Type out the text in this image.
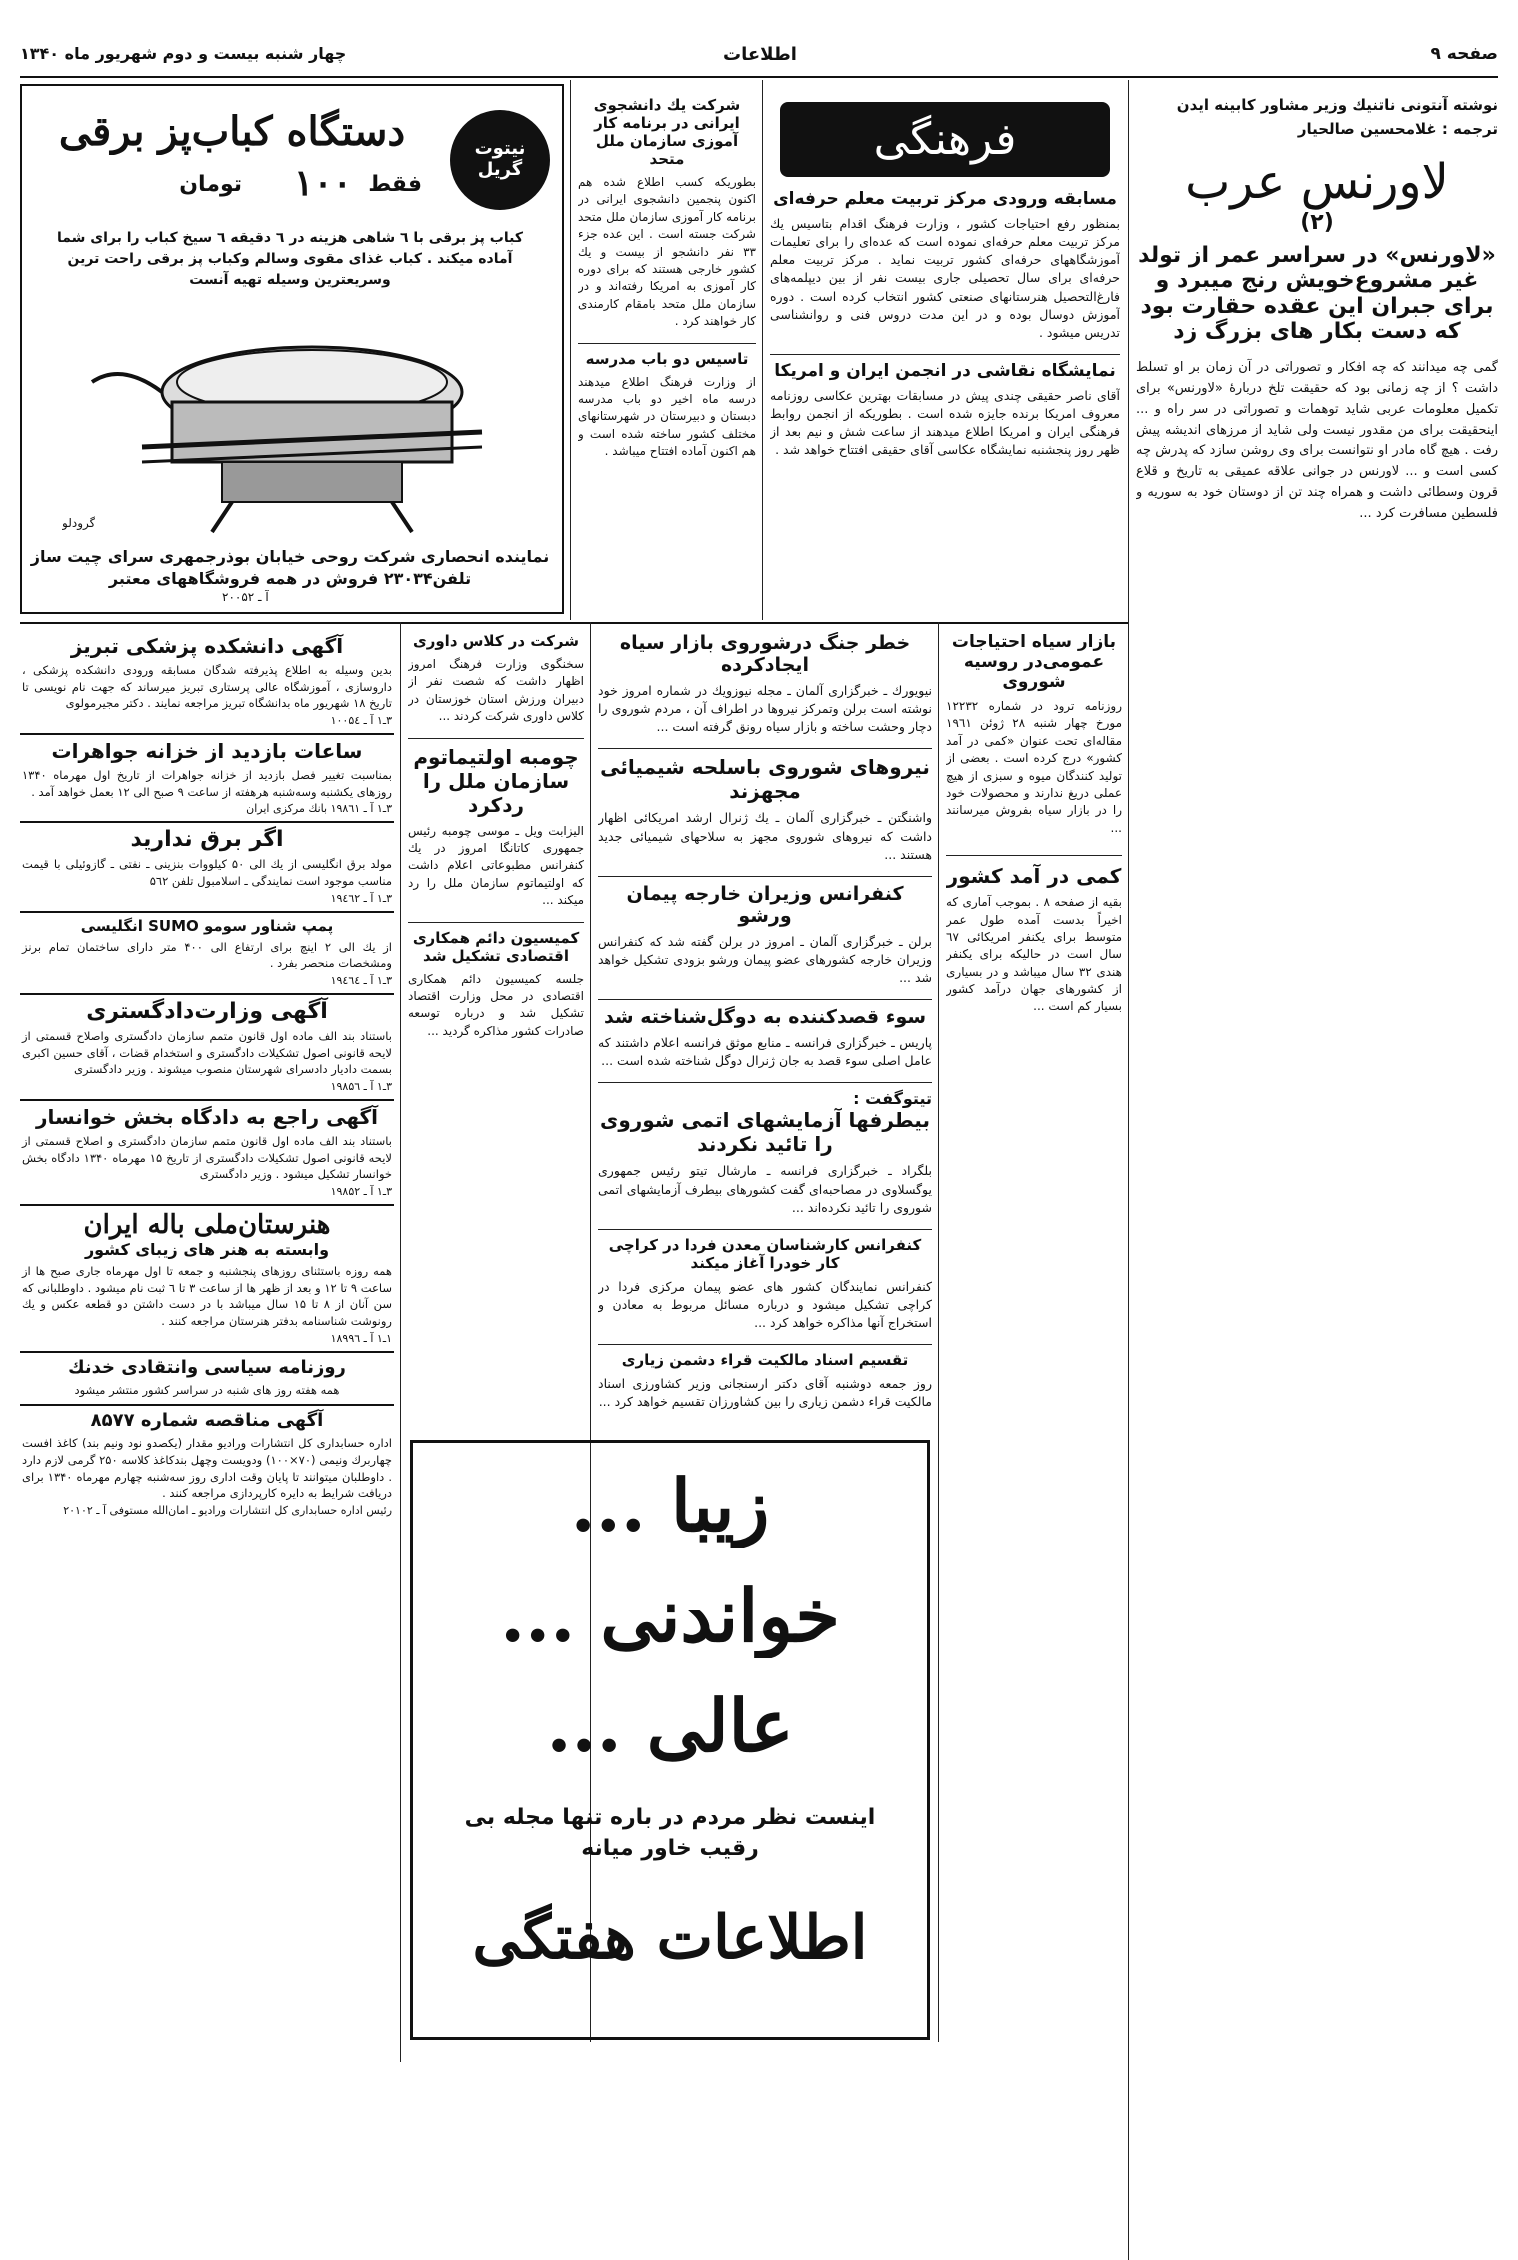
صفحه ۹
اطلاعات
چهار شنبه بیست و دوم شهریور ماه ۱۳۴۰
نوشته آنتونی ناتنیك وزیر مشاور کابینه ایدن
ترجمه : غلامحسین صالحیار
لاورنس عرب
(۲)
«لاورنس» در سراسر عمر از تولد غیر مشروع‌خویش رنج میبرد و برای جبران این عقده حقارت بود که دست بکار های بزرگ زد
گمی چه میدانند که چه افکار و تصوراتی در آن زمان بر او تسلط داشت ؟ از چه زمانی بود که حقیقت تلخ دربارهٔ «لاورنس» برای تکمیل معلومات عربی شاید توهمات و تصوراتی در سر راه و ... اینحقیقت برای من مقدور نیست ولی شاید از مرزهای اندیشه پیش رفت . هیچ گاه مادر او نتوانست برای وی روشن سازد که پدرش چه کسی است و ... لاورنس در جوانی علاقه عمیقی به تاریخ و قلاع قرون وسطائی داشت و همراه چند تن از دوستان خود به سوریه و فلسطین مسافرت کرد ...
فرهنگی
مسابقه ورودی مرکز تربیت معلم حرفه‌ای
بمنظور رفع احتیاجات کشور ، وزارت فرهنگ اقدام بتاسیس یك مرکز تربیت معلم حرفه‌ای نموده است که عده‌ای را برای تعلیمات آموزشگاههای حرفه‌ای کشور تربیت نماید . مرکز تربیت معلم حرفه‌ای برای سال تحصیلی جاری بیست نفر از بین دیپلمه‌های فارغ‌التحصیل هنرستانهای صنعتی کشور انتخاب کرده است . دوره آموزش دوسال بوده و در این مدت دروس فنی و روانشناسی تدریس میشود .
نمایشگاه نقاشی در انجمن ایران و امریکا
آقای ناصر حقیقی چندی پیش در مسابقات بهترین عکاسی روزنامه معروف امریکا برنده جایزه شده است . بطوریکه از انجمن روابط فرهنگی ایران و امریکا اطلاع میدهند از ساعت شش و نیم بعد از ظهر روز پنجشنبه نمایشگاه عکاسی آقای حقیقی افتتاح خواهد شد .
شرکت یك دانشجوی ایرانی در برنامه کار آموزی سازمان ملل متحد
بطوریکه کسب اطلاع شده هم اکنون پنجمین دانشجوی ایرانی در برنامه کار آموزی سازمان ملل متحد شرکت جسته است . این عده جزء ۳۳ نفر دانشجو از بیست و یك کشور خارجی هستند که برای دوره کار آموزی به امریکا رفته‌اند و در سازمان ملل متحد بامقام کارمندی کار خواهند کرد .
تاسیس دو باب مدرسه
از وزارت فرهنگ اطلاع میدهند درسه ماه اخیر دو باب مدرسه دبستان و دبیرستان در شهرستانهای مختلف کشور ساخته شده است و هم اکنون آماده افتتاح میباشد .
نیتوت گریل
دستگاه کباب‌پز برقی
فقط
۱۰۰
تومان
کباب پز برقی با ٦ شاهی هزینه در ٦ دقیقه ٦ سیخ کباب را برای شما آماده میکند . کباب غذای مقوی وسالم وکباب پز برقی راحت ترین وسریعترین وسیله تهیه آنست
گرودلو
نماینده انحصاری شرکت روحی خیابان بوذرجمهری سرای چیت ساز تلفن۲۳۰۳۴ فروش در همه فروشگاههای معتبر
آ ـ ۲۰۰۵۲
بازار سیاه احتیاجات عمومی‌در روسیه شوروی
روزنامه ترود در شماره ۱۲۲۳۲ مورخ چهار شنبه ۲۸ ژوئن ۱۹٦۱ مقاله‌ای تحت عنوان «کمی در آمد کشور» درج کرده است . بعضی از تولید کنندگان میوه و سبزی از هیچ عملی دریغ ندارند و محصولات خود را در بازار سیاه بفروش میرسانند ...
کمی در آمد کشور
بقیه از صفحه ۸ . بموجب آماری که اخیراً بدست آمده طول عمر متوسط برای یکنفر امریکائی ٦۷ سال است در حالیکه برای یکنفر هندی ۳۲ سال میباشد و در بسیاری از کشورهای جهان درآمد کشور بسیار کم است ...
خطر جنگ درشوروی بازار سیاه ایجادکرده
نیویورك ـ خبرگزاری آلمان ـ مجله نیوزویك در شماره امروز خود نوشته است برلن وتمرکز نیروها در اطراف آن ، مردم شوروی را دچار وحشت ساخته و بازار سیاه رونق گرفته است ...
نیروهای شوروی باسلحه شیمیائی مجهزند
واشنگتن ـ خبرگزاری آلمان ـ یك ژنرال ارشد امریکائی اظهار داشت که نیروهای شوروی مجهز به سلاحهای شیمیائی جدید هستند ...
کنفرانس وزیران خارجه پیمان ورشو
برلن ـ خبرگزاری آلمان ـ امروز در برلن گفته شد که کنفرانس وزیران خارجه کشورهای عضو پیمان ورشو بزودی تشکیل خواهد شد ...
سوء قصدکننده به دوگل‌شناخته شد
پاریس ـ خبرگزاری فرانسه ـ منابع موثق فرانسه اعلام داشتند که عامل اصلی سوء قصد به جان ژنرال دوگل شناخته شده است ...
تیتوگفت :
بیطرفها آزمایشهای اتمی شوروی را تائید نکردند
بلگراد ـ خبرگزاری فرانسه ـ مارشال تیتو رئیس جمهوری یوگسلاوی در مصاحبه‌ای گفت کشورهای بیطرف آزمایشهای اتمی شوروی را تائید نکرده‌اند ...
کنفرانس کارشناسان معدن فردا در کراچی کار خودرا آغاز میکند
کنفرانس نمایندگان کشور های عضو پیمان مرکزی فردا در کراچی تشکیل میشود و درباره مسائل مربوط به معادن و استخراج آنها مذاکره خواهد کرد ...
تقسیم اسناد مالکیت قراء دشمن زیاری
روز جمعه دوشنبه آقای دکتر ارسنجانی وزیر کشاورزی اسناد مالکیت قراء دشمن زیاری را بین کشاورزان تقسیم خواهد کرد ...
شرکت در کلاس داوری
سخنگوی وزارت فرهنگ امروز اظهار داشت که شصت نفر از دبیران ورزش استان خوزستان در کلاس داوری شرکت کردند ...
چومبه اولتیماتوم سازمان ملل را ردکرد
الیزابت ویل ـ موسی چومبه رئیس جمهوری کاتانگا امروز در یك کنفرانس مطبوعاتی اعلام داشت که اولتیماتوم سازمان ملل را رد میکند ...
کمیسیون دائم همکاری اقتصادی تشکیل شد
جلسه کمیسیون دائم همکاری اقتصادی در محل وزارت اقتصاد تشکیل شد و درباره توسعه صادرات کشور مذاکره گردید ...
زیبا ...
خواندنی ...
عالی ...
اینست نظر مردم در باره تنها مجله بی رقیب خاور میانه
اطلاعات هفتگی
آگهی دانشکده پزشکی تبریز
بدین وسیله به اطلاع پذیرفته شدگان مسابقه ورودی دانشکده پزشکی ، داروسازی ، آموزشگاه عالی پرستاری تبریز میرساند که جهت نام نویسی تا تاریخ ۱۸ شهریور ماه بدانشگاه تبریز مراجعه نمایند . دکتر مجیرمولوی
۳ـ۱ آ ـ ۱۰۰۵٤
ساعات بازدید از خزانه جواهرات
بمناسبت تغییر فصل بازدید از خزانه جواهرات از تاریخ اول مهرماه ۱۳۴۰ روزهای یکشنبه وسه‌شنبه هرهفته از ساعت ۹ صبح الی ۱۲ بعمل خواهد آمد .
۳ـ۱ آ ـ ۱۹۸٦۱ بانك مرکزی ایران
اگر برق ندارید
مولد برق انگلیسی از یك الی ۵۰ کیلووات بنزینی ـ نفتی ـ گازوئیلی با قیمت مناسب موجود است نمایندگی ـ اسلامبول تلفن ۵٦۲
۳ـ۱ آ ـ ۱۹٤٦۲
پمپ شناور سومو SUMO انگلیسی
از یك الی ۲ اینچ برای ارتفاع الی ۴۰۰ متر دارای ساختمان تمام برنز ومشخصات منحصر بفرد .
۳ـ۱ آ ـ ۱۹٤٦٤
آگهی وزارت‌دادگستری
باستناد بند الف ماده اول قانون متمم سازمان دادگستری واصلاح قسمتی از لایحه قانونی اصول تشکیلات دادگستری و استخدام قضات ، آقای حسین اکبری بسمت دادیار دادسرای شهرستان منصوب میشوند . وزیر دادگستری
۳ـ۱ آ ـ ۱۹۸۵٦
آگهی راجع به دادگاه بخش خوانسار
باستناد بند الف ماده اول قانون متمم سازمان دادگستری و اصلاح قسمتی از لایحه قانونی اصول تشکیلات دادگستری از تاریخ ۱۵ مهرماه ۱۳۴۰ دادگاه بخش خوانسار تشکیل میشود . وزیر دادگستری
۳ـ۱ آ ـ ۱۹۸۵۲
هنرستان‌ملی باله ایران
وابسته به هنر های زیبای کشور
همه روزه باستثنای روزهای پنجشنبه و جمعه تا اول مهرماه جاری صبح ها از ساعت ۹ تا ۱۲ و بعد از ظهر ها از ساعت ۳ تا ٦ ثبت نام میشود . داوطلبانی که سن آنان از ۸ تا ۱۵ سال میباشد با در دست داشتن دو قطعه عکس و یك رونوشت شناسنامه بدفتر هنرستان مراجعه کنند .
۱ـ۱ آ ـ ۱۸۹۹٦
روزنامه سیاسی وانتقادی خدنك
همه هفته روز های شنبه در سراسر کشور منتشر میشود
آگهی مناقصه شماره ۸۵۷۷
اداره حسابداری کل انتشارات ورادیو مقدار (یکصدو نود ونیم بند) کاغذ افست چهاربرك ونیمی (۷۰×۱۰۰) ودویست وچهل بندکاغذ کلاسه ۲۵۰ گرمی لازم دارد . داوطلبان میتوانند تا پایان وقت اداری روز سه‌شنبه چهارم مهرماه ۱۳۴۰ برای دریافت شرایط به دایره کارپردازی مراجعه کنند .
رئیس اداره حسابداری کل انتشارات ورادیو ـ امان‌الله مستوفی آ ـ ۲۰۱۰۲
